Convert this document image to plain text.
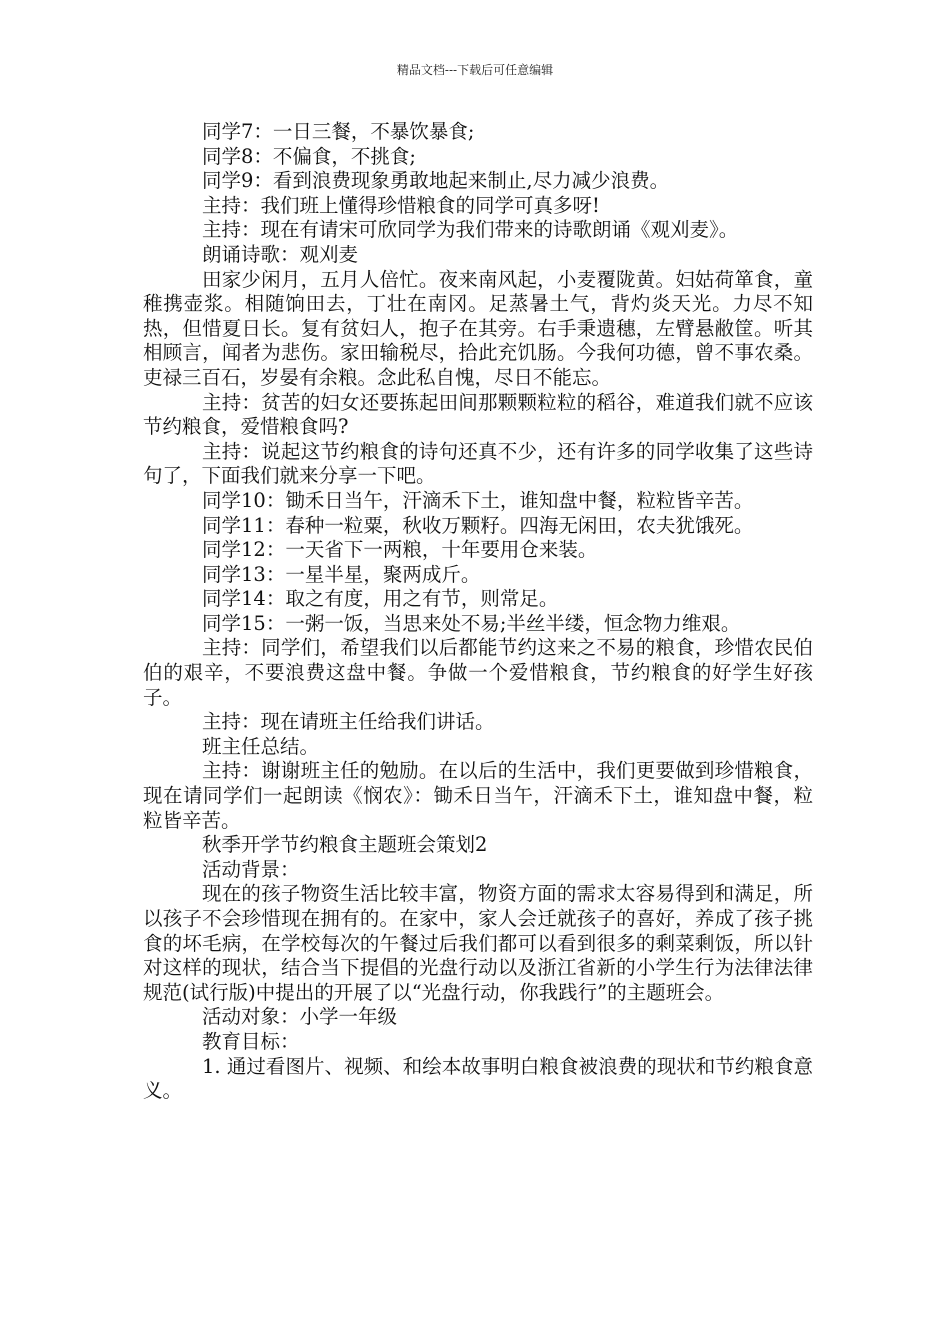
精品文档---下载后可任意编辑

同学7：一日三餐，不暴饮暴食;

同学8：不偏食，不挑食;

同学9：看到浪费现象勇敢地起来制止,尽力减少浪费。

主持：我们班上懂得珍惜粮食的同学可真多呀!

主持：现在有请宋可欣同学为我们带来的诗歌朗诵《观刈麦》。

朗诵诗歌：观刈麦

田家少闲月，五月人倍忙。夜来南风起，小麦覆陇黄。妇姑荷箪食，童稚携壶浆。相随饷田去，丁壮在南冈。足蒸暑土气，背灼炎天光。力尽不知热，但惜夏日长。复有贫妇人，抱子在其旁。右手秉遗穗，左臂悬敝筐。听其相顾言，闻者为悲伤。家田输税尽，拾此充饥肠。今我何功德，曾不事农桑。吏禄三百石，岁晏有余粮。念此私自愧，尽日不能忘。

主持：贫苦的妇女还要拣起田间那颗颗粒粒的稻谷，难道我们就不应该节约粮食，爱惜粮食吗?

主持：说起这节约粮食的诗句还真不少，还有许多的同学收集了这些诗句了，下面我们就来分享一下吧。

同学10：锄禾日当午，汗滴禾下土，谁知盘中餐，粒粒皆辛苦。

同学11：春种一粒粟，秋收万颗籽。四海无闲田，农夫犹饿死。

同学12：一天省下一两粮，十年要用仓来装。

同学13：一星半星，聚两成斤。

同学14：取之有度，用之有节，则常足。

同学15：一粥一饭，当思来处不易;半丝半缕，恒念物力维艰。

主持：同学们，希望我们以后都能节约这来之不易的粮食，珍惜农民伯伯的艰辛，不要浪费这盘中餐。争做一个爱惜粮食，节约粮食的好学生好孩子。

主持：现在请班主任给我们讲话。

班主任总结。

主持：谢谢班主任的勉励。在以后的生活中，我们更要做到珍惜粮食，现在请同学们一起朗读《悯农》：锄禾日当午，汗滴禾下土，谁知盘中餐，粒粒皆辛苦。

秋季开学节约粮食主题班会策划2

活动背景：

现在的孩子物资生活比较丰富，物资方面的需求太容易得到和满足，所以孩子不会珍惜现在拥有的。在家中，家人会迁就孩子的喜好，养成了孩子挑食的坏毛病，在学校每次的午餐过后我们都可以看到很多的剩菜剩饭，所以针对这样的现状，结合当下提倡的光盘行动以及浙江省新的小学生行为法律法律规范(试行版)中提出的开展了以“光盘行动，你我践行”的主题班会。

活动对象：小学一年级

教育目标：

1. 通过看图片、视频、和绘本故事明白粮食被浪费的现状和节约粮食意义。
